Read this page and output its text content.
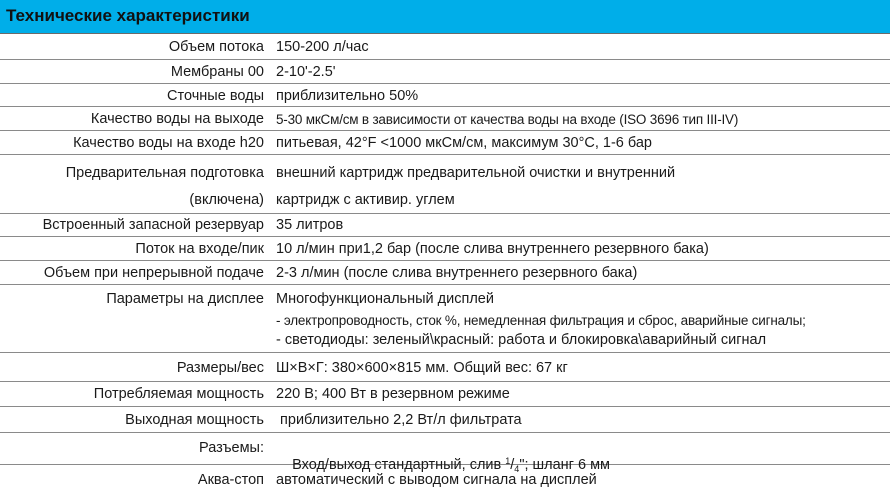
Технические характеристики
Объем потока 150-200 л/час
Мембраны 00 2-10'-2.5'
Сточные воды приблизительно 50%
Качество воды на выходе 5-30 мкСм/см в зависимости от качества воды на входе (ISO 3696 тип III-IV)
Качество воды на входе h20 питьевая, 42°F <1000 мкСм/см, максимум 30°C, 1-6 бар
Предварительная подготовка
(включена)
внешний картридж предварительной очистки и внутренний
картридж с активир. углем
Встроенный запасной резервуар 35 литров
Поток на входе/пик 10 л/мин при1,2 бар (после слива внутреннего резервного бака)
Объем при непрерывной подаче 2-3 л/мин (после слива внутреннего резервного бака)
Параметры на дисплее Многофункциональный дисплей
- электропроводность, сток %, немедленная фильтрация и сброс, аварийные сигналы;
- светодиоды: зеленый\красный: работа и блокировка\аварийный сигнал
Размеры/вес Ш×В×Г: 380×600×815 мм. Общий вес: 67 кг
Потребляемая мощность 220 В; 400 Вт в резервном режиме
Выходная мощность приблизительно 2,2 Вт/л фильтрата
Разъемы:

Вход/выход стандартный, слив $^1/_4$"; шланг 6 мм

Аква-стоп автоматический с выводом сигнала на дисплей
